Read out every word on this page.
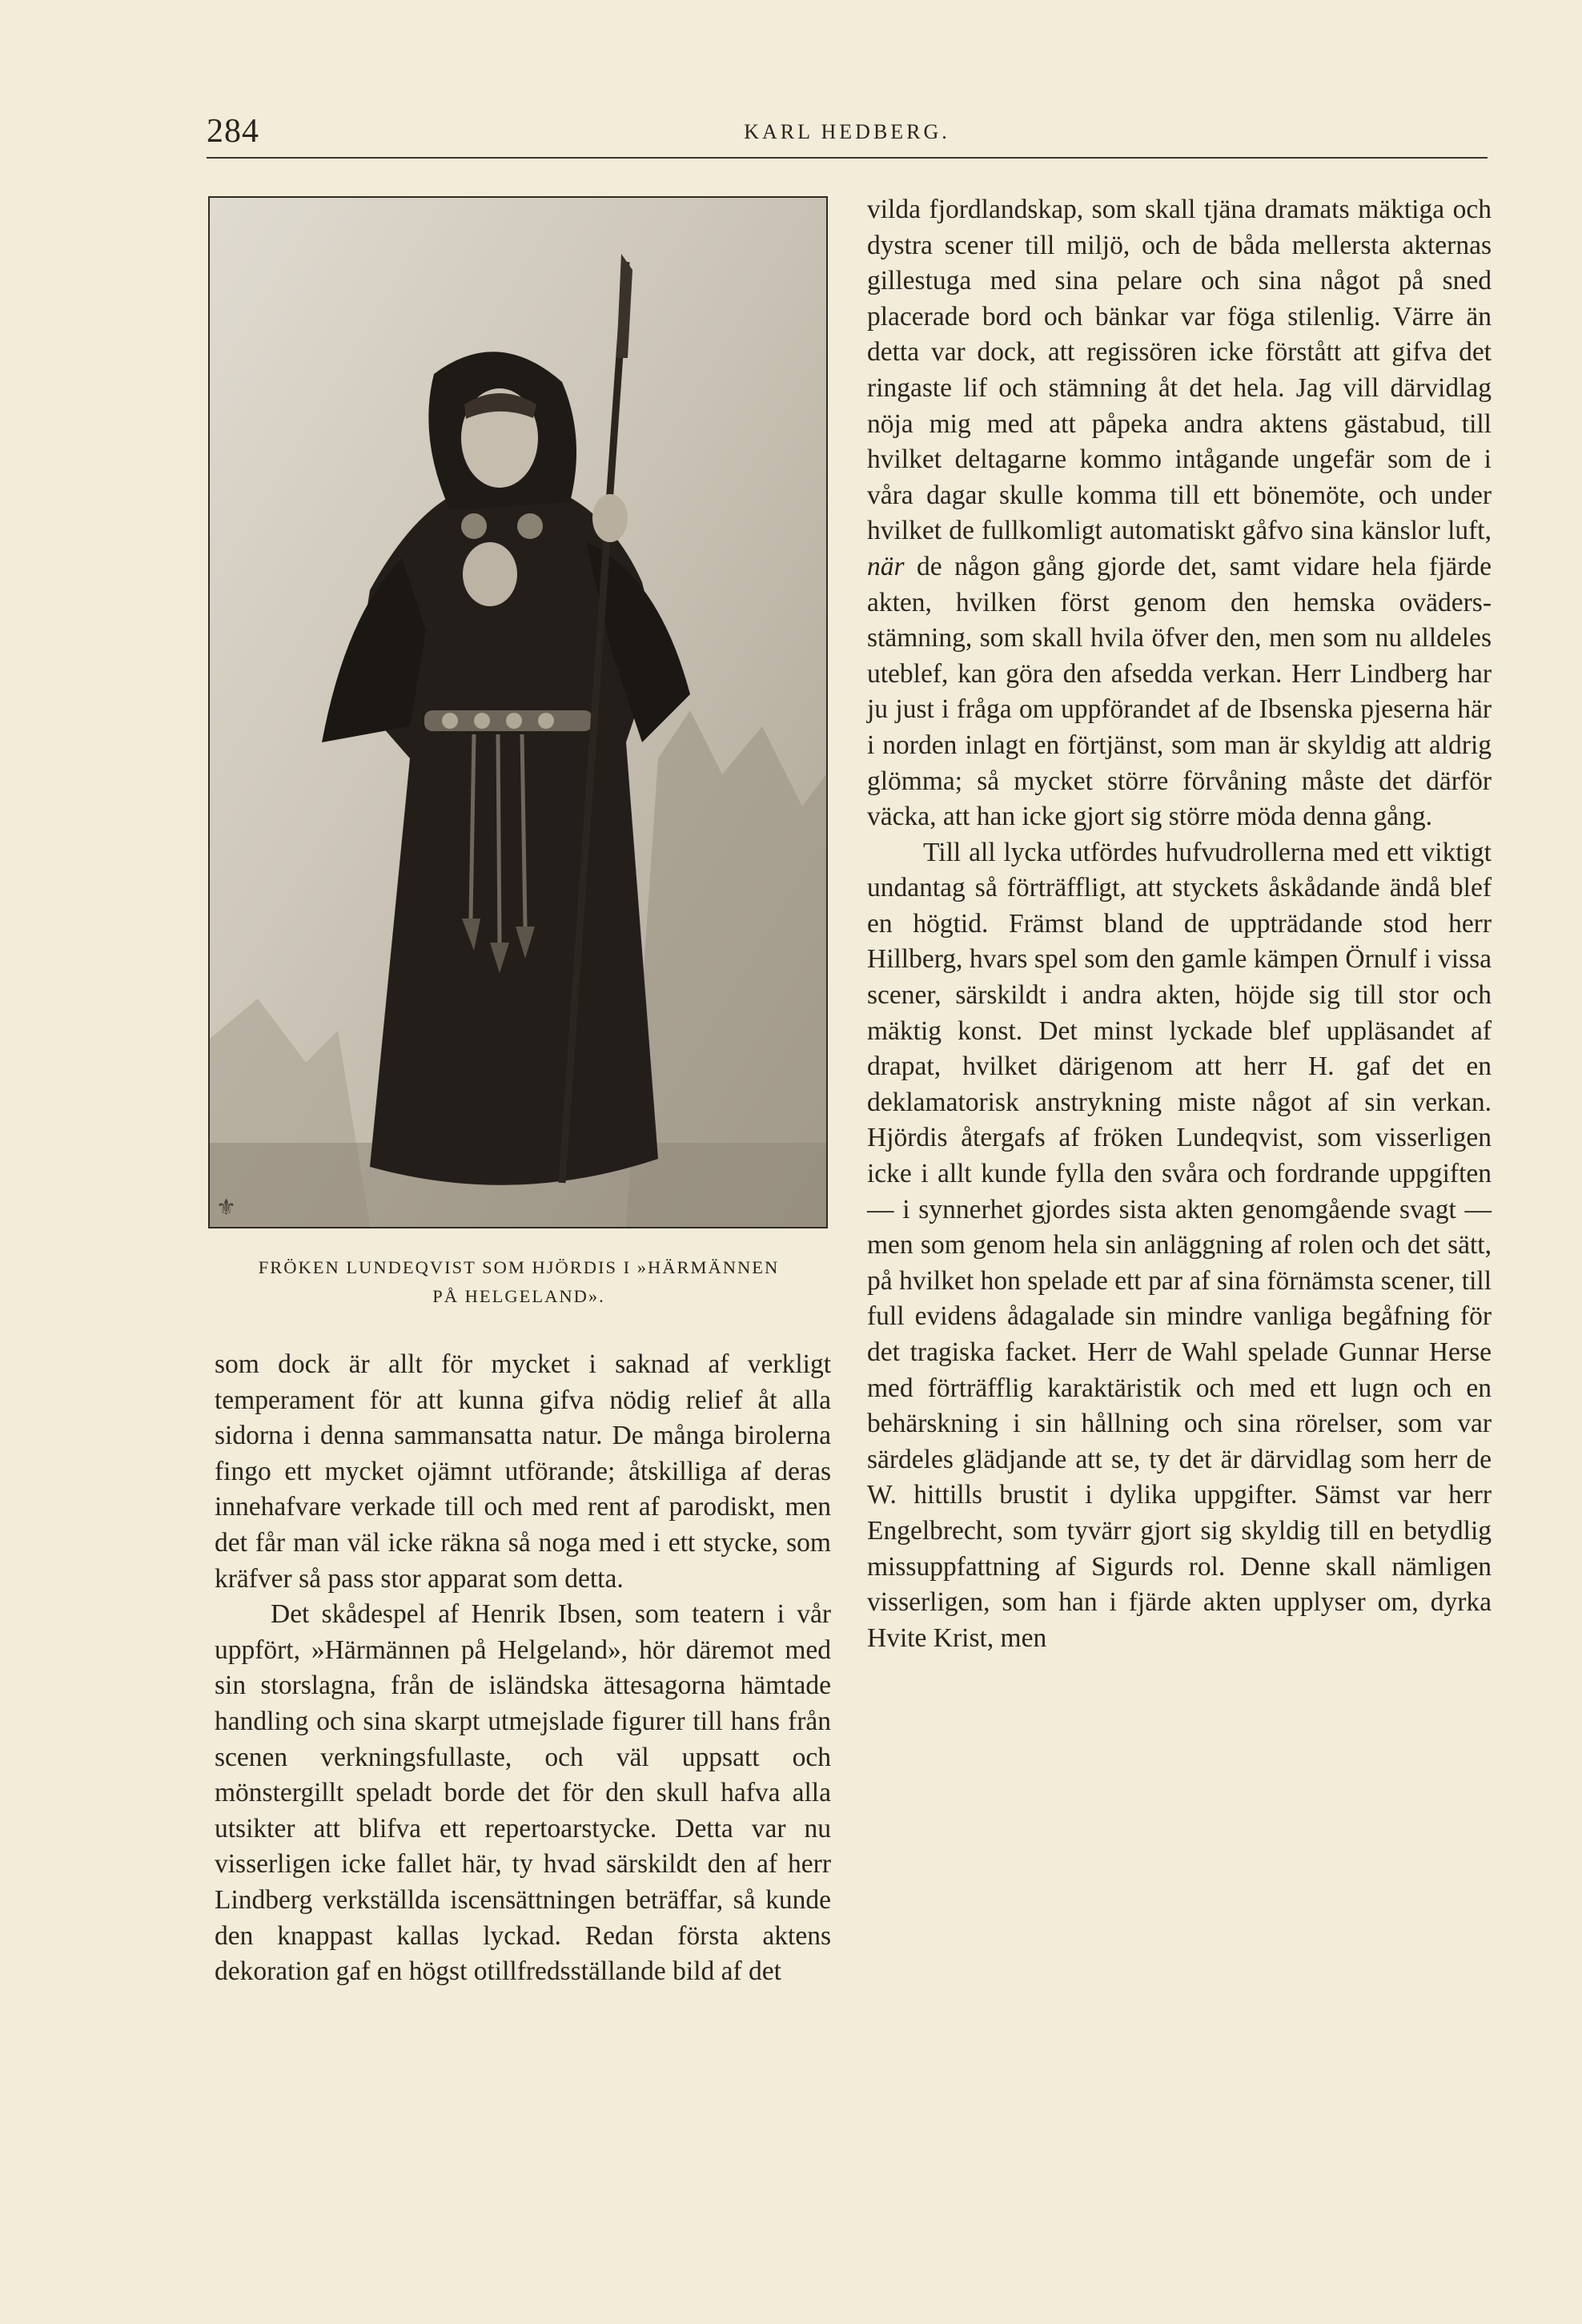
284	KARL HEDBERG.
⚜
FRÖKEN LUNDEQVIST SOM HJÖRDIS I »HÄRMÄNNEN
PÅ HELGELAND».

som dock är allt för mycket i saknad af verkligt temperament för att kunna gifva nödig relief åt alla sidorna i denna sammansatta natur. De många birolerna fingo ett mycket ojämnt utförande; åtskilliga af deras innehafvare verkade till och med rent af parodiskt, men det får man väl icke räkna så noga med i ett stycke, som kräfver så pass stor apparat som detta.

Det skådespel af Henrik Ibsen, som teatern i vår uppfört, »Härmännen på Helgeland», hör däremot med sin storslagna, från de isländska ättesagorna hämtade handling och sina skarpt utmejslade figurer till hans från scenen verkningsfullaste, och väl uppsatt och mönstergillt speladt borde det för den skull hafva alla utsikter att blifva ett repertoarstycke. Detta var nu visserligen icke fallet här, ty hvad särskildt den af herr Lindberg verkställda iscensättningen beträffar, så kunde den knappast kallas lyckad. Redan första aktens dekoration gaf en högst otillfredsställande bild af det

vilda fjordlandskap, som skall tjäna dramats mäktiga och dystra scener till miljö, och de båda mellersta akternas gillestuga med sina pelare och sina något på sned placerade bord och bänkar var föga stilenlig. Värre än detta var dock, att regissören icke förstått att gifva det ringaste lif och stämning åt det hela. Jag vill därvidlag nöja mig med att påpeka andra aktens gästabud, till hvilket deltagarne kommo intågande ungefär som de i våra dagar skulle komma till ett bönemöte, och under hvilket de fullkomligt automatiskt gåfvo sina känslor luft, när de någon gång gjorde det, samt vidare hela fjärde akten, hvilken först genom den hemska oväders-stämning, som skall hvila öfver den, men som nu alldeles uteblef, kan göra den afsedda verkan. Herr Lindberg har ju just i fråga om uppförandet af de Ibsenska pjeserna här i norden inlagt en förtjänst, som man är skyldig att aldrig glömma; så mycket större förvåning måste det därför väcka, att han icke gjort sig större möda denna gång.

Till all lycka utfördes hufvudrollerna med ett viktigt undantag så förträffligt, att styckets åskådande ändå blef en högtid. Främst bland de uppträdande stod herr Hillberg, hvars spel som den gamle kämpen Örnulf i vissa scener, särskildt i andra akten, höjde sig till stor och mäktig konst. Det minst lyckade blef uppläsandet af drapat, hvilket därigenom att herr H. gaf det en deklamatorisk anstrykning miste något af sin verkan. Hjördis återgafs af fröken Lundeqvist, som visserligen icke i allt kunde fylla den svåra och fordrande uppgiften — i synnerhet gjordes sista akten genomgående svagt — men som genom hela sin anläggning af rolen och det sätt, på hvilket hon spelade ett par af sina förnämsta scener, till full evidens ådagalade sin mindre vanliga begåfning för det tragiska facket. Herr de Wahl spelade Gunnar Herse med förträfflig karaktäristik och med ett lugn och en behärskning i sin hållning och sina rörelser, som var särdeles glädjande att se, ty det är därvidlag som herr de W. hittills brustit i dylika uppgifter. Sämst var herr Engelbrecht, som tyvärr gjort sig skyldig till en betydlig missuppfattning af Sigurds rol. Denne skall nämligen visserligen, som han i fjärde akten upplyser om, dyrka Hvite Krist, men
